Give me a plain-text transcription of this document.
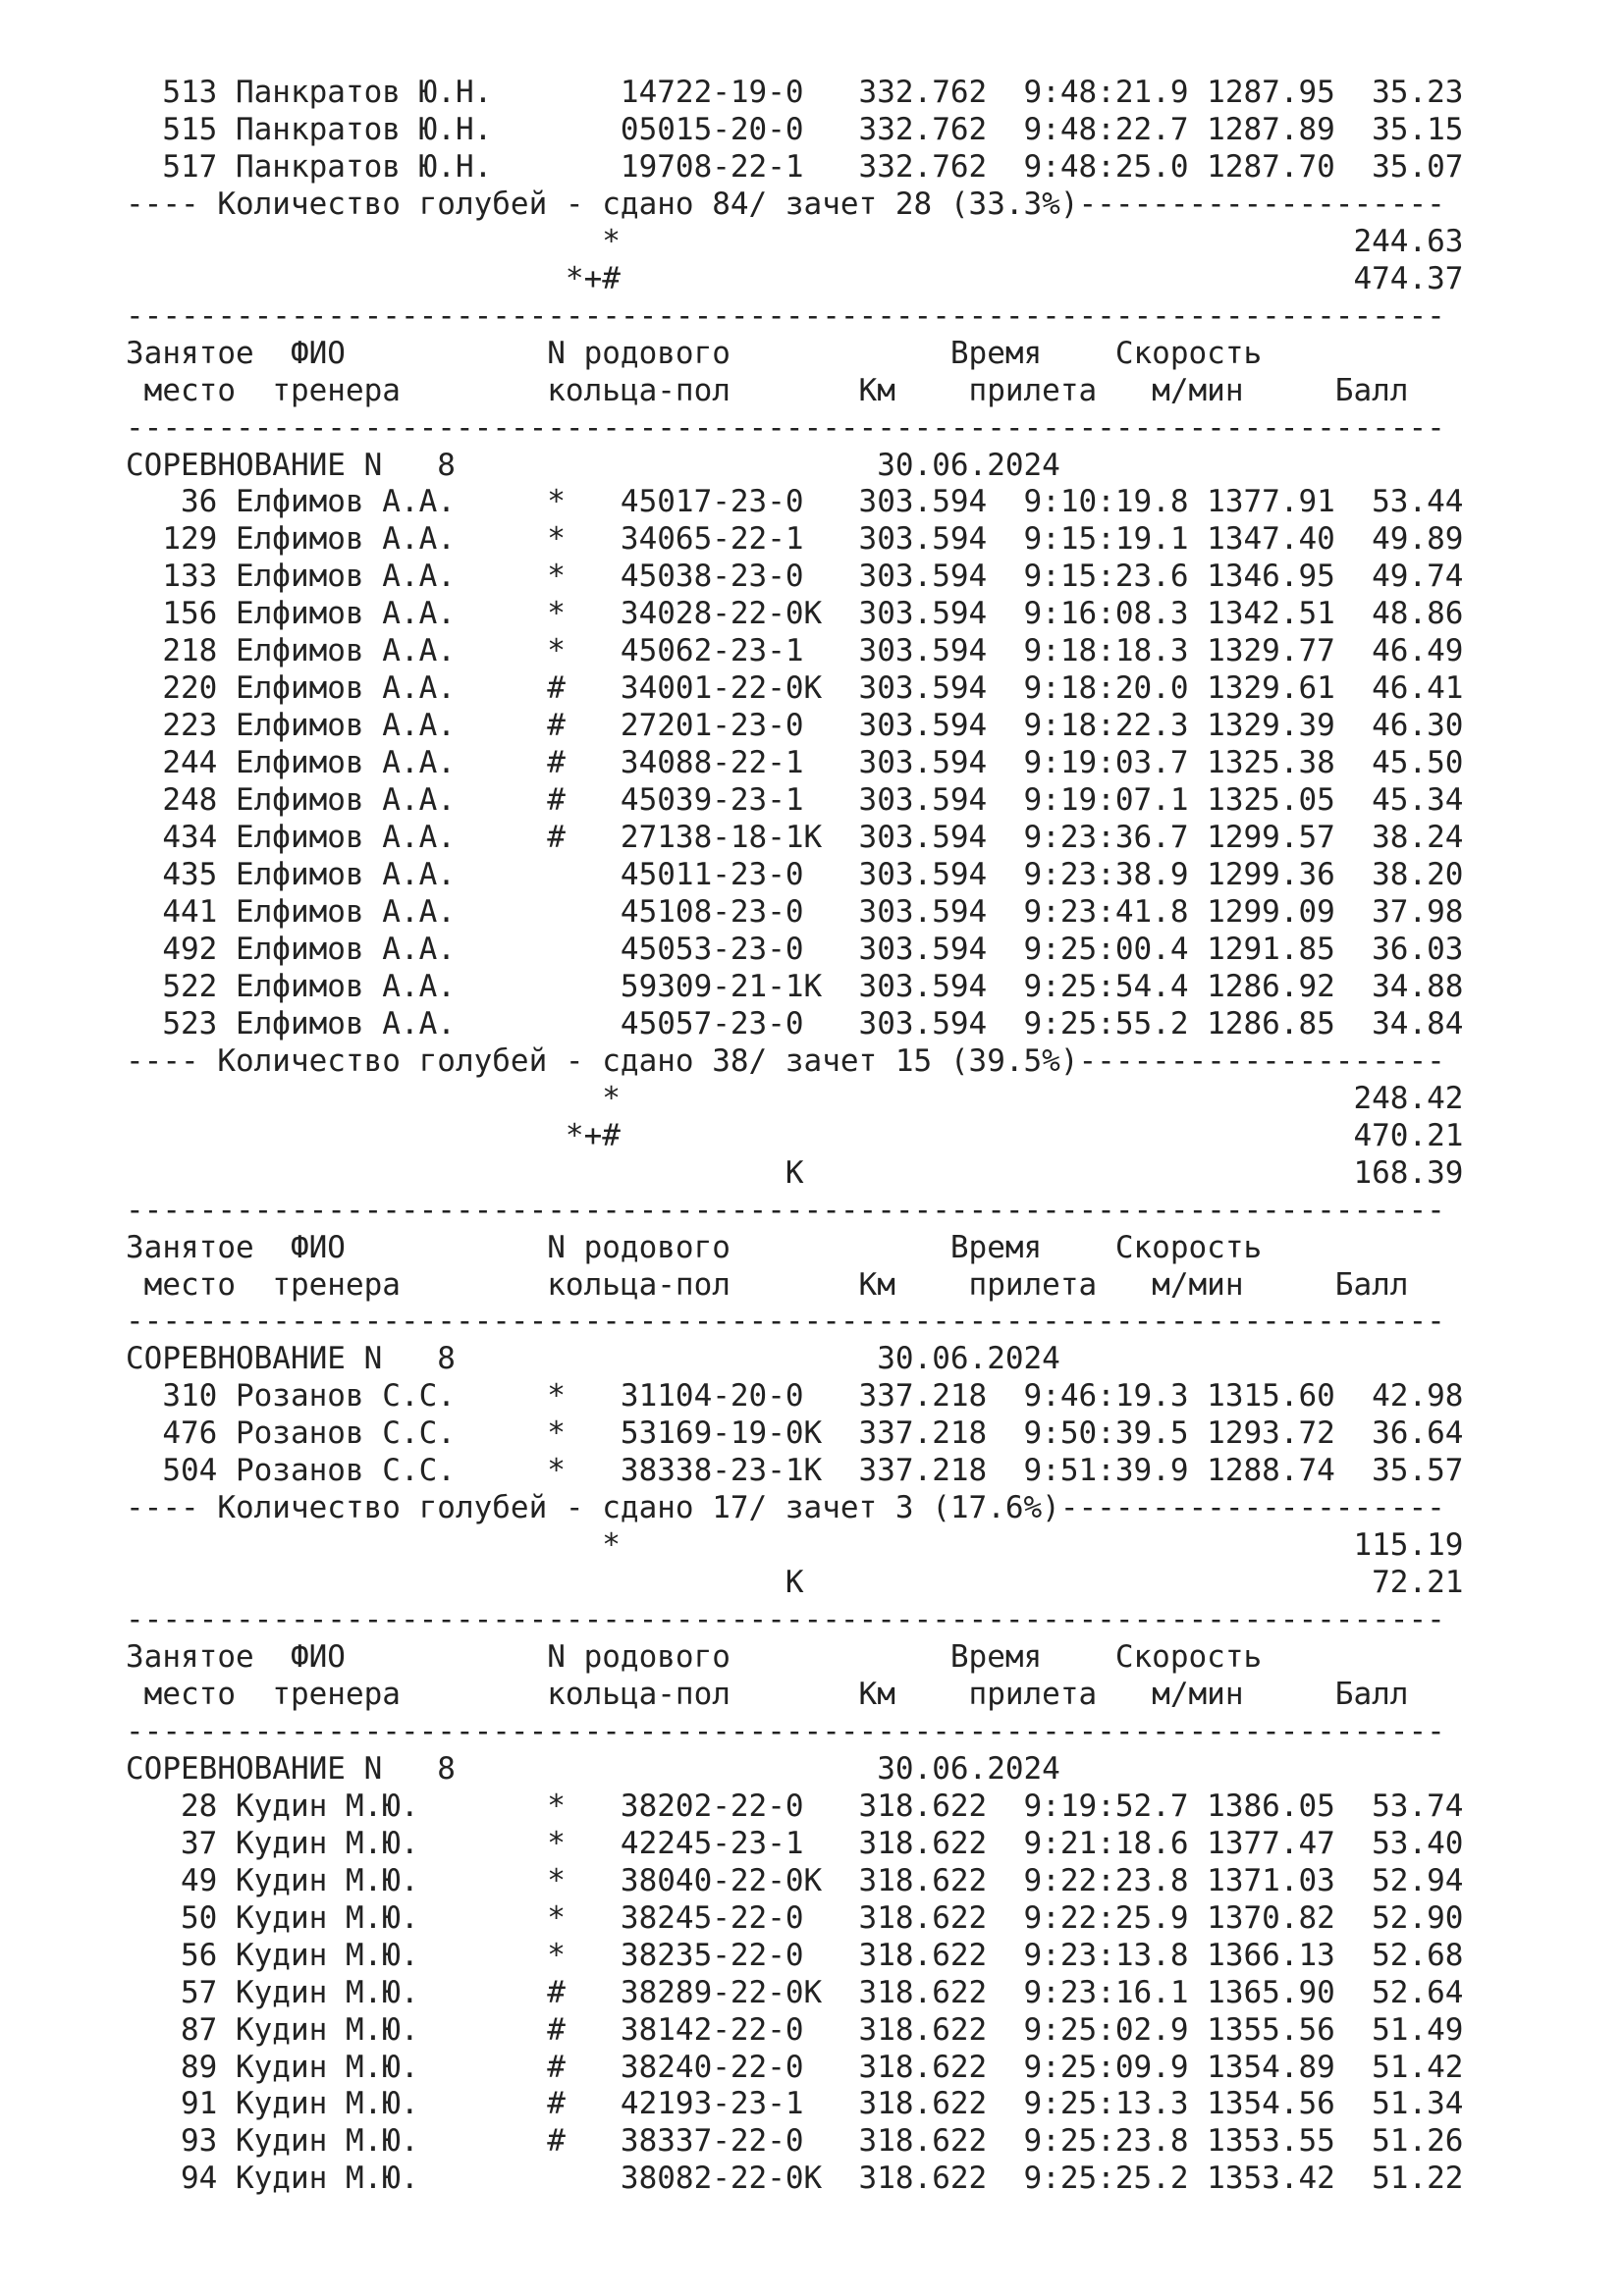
513 Панкратов Ю.Н.       14722-19-0   332.762  9:48:21.9 1287.95  35.23
515 Панкратов Ю.Н.       05015-20-0   332.762  9:48:22.7 1287.89  35.15
517 Панкратов Ю.Н.       19708-22-1   332.762  9:48:25.0 1287.70  35.07
---- Количество голубей - сдано 84/ зачет 28 (33.3%)--------------------
*                                        244.63
*+#                                        474.37
------------------------------------------------------------------------
Занятое  ФИО           N родового            Время    Скорость
место  тренера        кольца-пол       Км    прилета   м/мин     Балл
------------------------------------------------------------------------
СОРЕВНОВАНИЕ N   8                       30.06.2024
36 Елфимов А.А.     *   45017-23-0   303.594  9:10:19.8 1377.91  53.44
129 Елфимов А.А.     *   34065-22-1   303.594  9:15:19.1 1347.40  49.89
133 Елфимов А.А.     *   45038-23-0   303.594  9:15:23.6 1346.95  49.74
156 Елфимов А.А.     *   34028-22-0К  303.594  9:16:08.3 1342.51  48.86
218 Елфимов А.А.     *   45062-23-1   303.594  9:18:18.3 1329.77  46.49
220 Елфимов А.А.     #   34001-22-0К  303.594  9:18:20.0 1329.61  46.41
223 Елфимов А.А.     #   27201-23-0   303.594  9:18:22.3 1329.39  46.30
244 Елфимов А.А.     #   34088-22-1   303.594  9:19:03.7 1325.38  45.50
248 Елфимов А.А.     #   45039-23-1   303.594  9:19:07.1 1325.05  45.34
434 Елфимов А.А.     #   27138-18-1К  303.594  9:23:36.7 1299.57  38.24
435 Елфимов А.А.         45011-23-0   303.594  9:23:38.9 1299.36  38.20
441 Елфимов А.А.         45108-23-0   303.594  9:23:41.8 1299.09  37.98
492 Елфимов А.А.         45053-23-0   303.594  9:25:00.4 1291.85  36.03
522 Елфимов А.А.         59309-21-1К  303.594  9:25:54.4 1286.92  34.88
523 Елфимов А.А.         45057-23-0   303.594  9:25:55.2 1286.85  34.84
---- Количество голубей - сдано 38/ зачет 15 (39.5%)--------------------
*                                        248.42
*+#                                        470.21
К                              168.39
------------------------------------------------------------------------
Занятое  ФИО           N родового            Время    Скорость
место  тренера        кольца-пол       Км    прилета   м/мин     Балл
------------------------------------------------------------------------
СОРЕВНОВАНИЕ N   8                       30.06.2024
310 Розанов С.С.     *   31104-20-0   337.218  9:46:19.3 1315.60  42.98
476 Розанов С.С.     *   53169-19-0К  337.218  9:50:39.5 1293.72  36.64
504 Розанов С.С.     *   38338-23-1К  337.218  9:51:39.9 1288.74  35.57
---- Количество голубей - сдано 17/ зачет 3 (17.6%)---------------------
*                                        115.19
К                               72.21
------------------------------------------------------------------------
Занятое  ФИО           N родового            Время    Скорость
место  тренера        кольца-пол       Км    прилета   м/мин     Балл
------------------------------------------------------------------------
СОРЕВНОВАНИЕ N   8                       30.06.2024
28 Кудин М.Ю.       *   38202-22-0   318.622  9:19:52.7 1386.05  53.74
37 Кудин М.Ю.       *   42245-23-1   318.622  9:21:18.6 1377.47  53.40
49 Кудин М.Ю.       *   38040-22-0К  318.622  9:22:23.8 1371.03  52.94
50 Кудин М.Ю.       *   38245-22-0   318.622  9:22:25.9 1370.82  52.90
56 Кудин М.Ю.       *   38235-22-0   318.622  9:23:13.8 1366.13  52.68
57 Кудин М.Ю.       #   38289-22-0К  318.622  9:23:16.1 1365.90  52.64
87 Кудин М.Ю.       #   38142-22-0   318.622  9:25:02.9 1355.56  51.49
89 Кудин М.Ю.       #   38240-22-0   318.622  9:25:09.9 1354.89  51.42
91 Кудин М.Ю.       #   42193-23-1   318.622  9:25:13.3 1354.56  51.34
93 Кудин М.Ю.       #   38337-22-0   318.622  9:25:23.8 1353.55  51.26
94 Кудин М.Ю.           38082-22-0К  318.622  9:25:25.2 1353.42  51.22
